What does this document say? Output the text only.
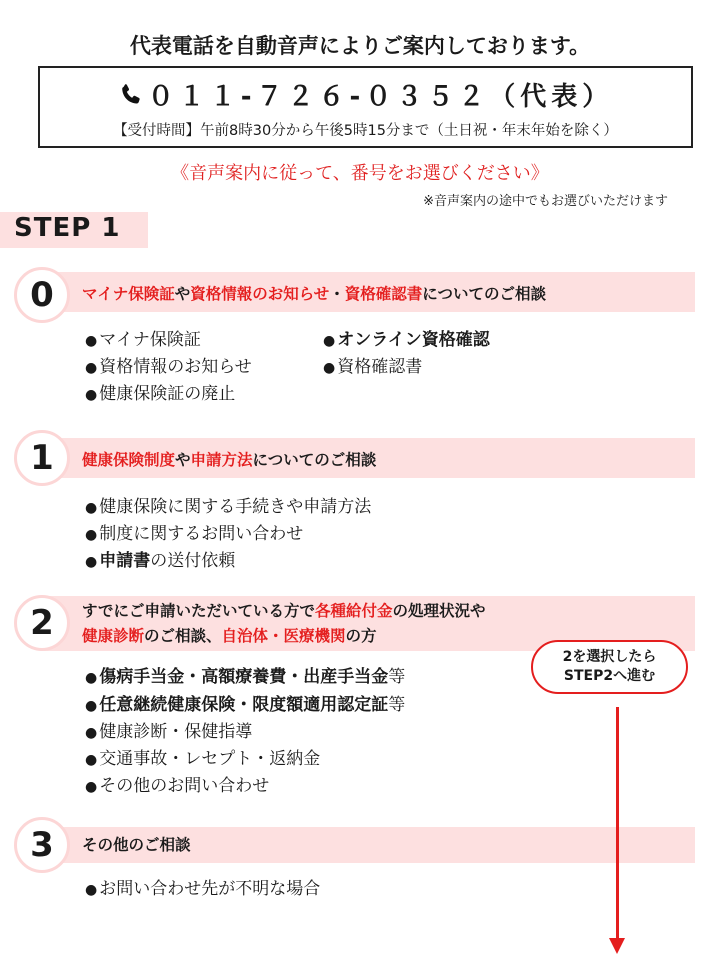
代表電話を自動音声によりご案内しております。
０１１-７２６-０３５２（代表）
【受付時間】午前8時30分から午後5時15分まで（土日祝・年末年始を除く）
《音声案内に従って、番号をお選びください》
※音声案内の途中でもお選びいただけます
STEP 1
0	マイナ保険証や資格情報のお知らせ・資格確認書についてのご相談
● マイナ保険証	● オンライン資格確認
● 資格情報のお知らせ	● 資格確認書
● 健康保険証の廃止
1	健康保険制度や申請方法についてのご相談
● 健康保険に関する手続きや申請方法
● 制度に関するお問い合わせ
● 申請書の送付依頼
2	すでにご申請いただいている方で各種給付金の処理状況や
健康診断のご相談、自治体・医療機関の方
● 傷病手当金・高額療養費・出産手当金等
● 任意継続健康保険・限度額適用認定証等
● 健康診断・保健指導
● 交通事故・レセプト・返納金
● その他のお問い合わせ
3	その他のご相談
● お問い合わせ先が不明な場合
2を選択したら
STEP2へ進む
